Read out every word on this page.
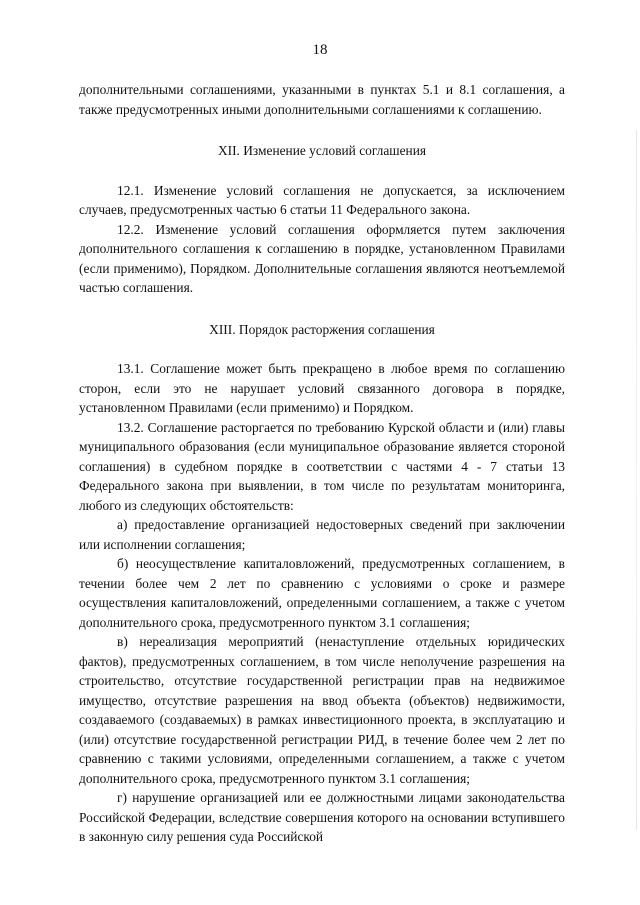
18

дополнительными соглашениями, указанными в пунктах 5.1 и 8.1 соглашения, а также предусмотренных иными дополнительными соглашениями к соглашению.

XII. Изменение условий соглашения

12.1. Изменение условий соглашения не допускается, за исключением случаев, предусмотренных частью 6 статьи 11 Федерального закона.

12.2. Изменение условий соглашения оформляется путем заключения дополнительного соглашения к соглашению в порядке, установленном Правилами (если применимо), Порядком. Дополнительные соглашения являются неотъемлемой частью соглашения.

XIII. Порядок расторжения соглашения

13.1. Соглашение может быть прекращено в любое время по соглашению сторон, если это не нарушает условий связанного договора в порядке, установленном Правилами (если применимо) и Порядком.

13.2. Соглашение расторгается по требованию Курской области и (или) главы муниципального образования (если муниципальное образование является стороной соглашения) в судебном порядке в соответствии с частями 4 - 7 статьи 13 Федерального закона при выявлении, в том числе по результатам мониторинга, любого из следующих обстоятельств:

а) предоставление организацией недостоверных сведений при заключении или исполнении соглашения;

б) неосуществление капиталовложений, предусмотренных соглашением, в течении более чем 2 лет по сравнению с условиями о сроке и размере осуществления капиталовложений, определенными соглашением, а также с учетом дополнительного срока, предусмотренного пунктом 3.1 соглашения;

в) нереализация мероприятий (ненаступление отдельных юридических фактов), предусмотренных соглашением, в том числе неполучение разрешения на строительство, отсутствие государственной регистрации прав на недвижимое имущество, отсутствие разрешения на ввод объекта (объектов) недвижимости, создаваемого (создаваемых) в рамках инвестиционного проекта, в эксплуатацию и (или) отсутствие государственной регистрации РИД, в течение более чем 2 лет по сравнению с такими условиями, определенными соглашением, а также с учетом дополнительного срока, предусмотренного пунктом 3.1 соглашения;

г) нарушение организацией или ее должностными лицами законодательства Российской Федерации, вследствие совершения которого на основании вступившего в законную силу решения суда Российской
